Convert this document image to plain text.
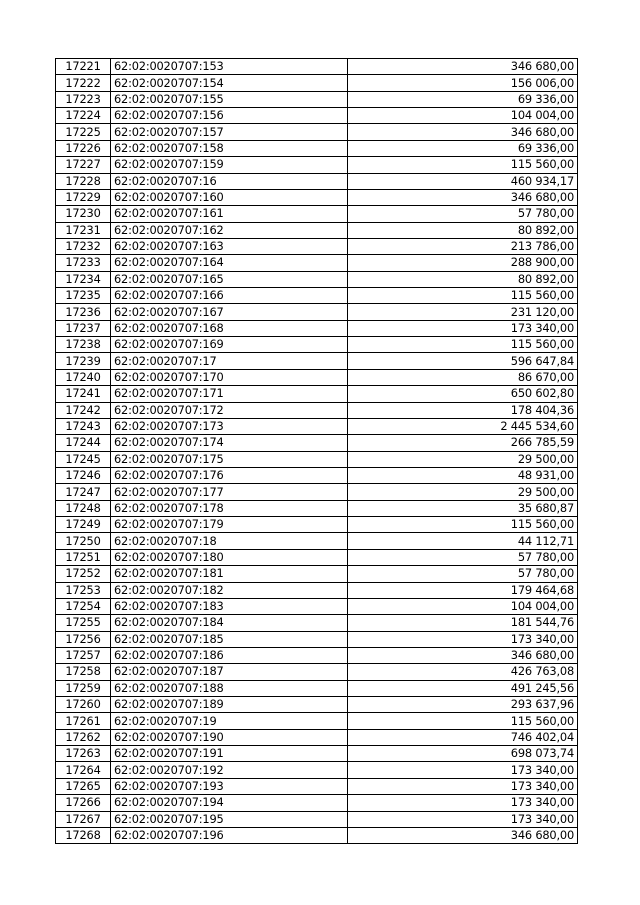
17221	62:02:0020707:153	346 680,00
17222	62:02:0020707:154	156 006,00
17223	62:02:0020707:155	69 336,00
17224	62:02:0020707:156	104 004,00
17225	62:02:0020707:157	346 680,00
17226	62:02:0020707:158	69 336,00
17227	62:02:0020707:159	115 560,00
17228	62:02:0020707:16	460 934,17
17229	62:02:0020707:160	346 680,00
17230	62:02:0020707:161	57 780,00
17231	62:02:0020707:162	80 892,00
17232	62:02:0020707:163	213 786,00
17233	62:02:0020707:164	288 900,00
17234	62:02:0020707:165	80 892,00
17235	62:02:0020707:166	115 560,00
17236	62:02:0020707:167	231 120,00
17237	62:02:0020707:168	173 340,00
17238	62:02:0020707:169	115 560,00
17239	62:02:0020707:17	596 647,84
17240	62:02:0020707:170	86 670,00
17241	62:02:0020707:171	650 602,80
17242	62:02:0020707:172	178 404,36
17243	62:02:0020707:173	2 445 534,60
17244	62:02:0020707:174	266 785,59
17245	62:02:0020707:175	29 500,00
17246	62:02:0020707:176	48 931,00
17247	62:02:0020707:177	29 500,00
17248	62:02:0020707:178	35 680,87
17249	62:02:0020707:179	115 560,00
17250	62:02:0020707:18	44 112,71
17251	62:02:0020707:180	57 780,00
17252	62:02:0020707:181	57 780,00
17253	62:02:0020707:182	179 464,68
17254	62:02:0020707:183	104 004,00
17255	62:02:0020707:184	181 544,76
17256	62:02:0020707:185	173 340,00
17257	62:02:0020707:186	346 680,00
17258	62:02:0020707:187	426 763,08
17259	62:02:0020707:188	491 245,56
17260	62:02:0020707:189	293 637,96
17261	62:02:0020707:19	115 560,00
17262	62:02:0020707:190	746 402,04
17263	62:02:0020707:191	698 073,74
17264	62:02:0020707:192	173 340,00
17265	62:02:0020707:193	173 340,00
17266	62:02:0020707:194	173 340,00
17267	62:02:0020707:195	173 340,00
17268	62:02:0020707:196	346 680,00
